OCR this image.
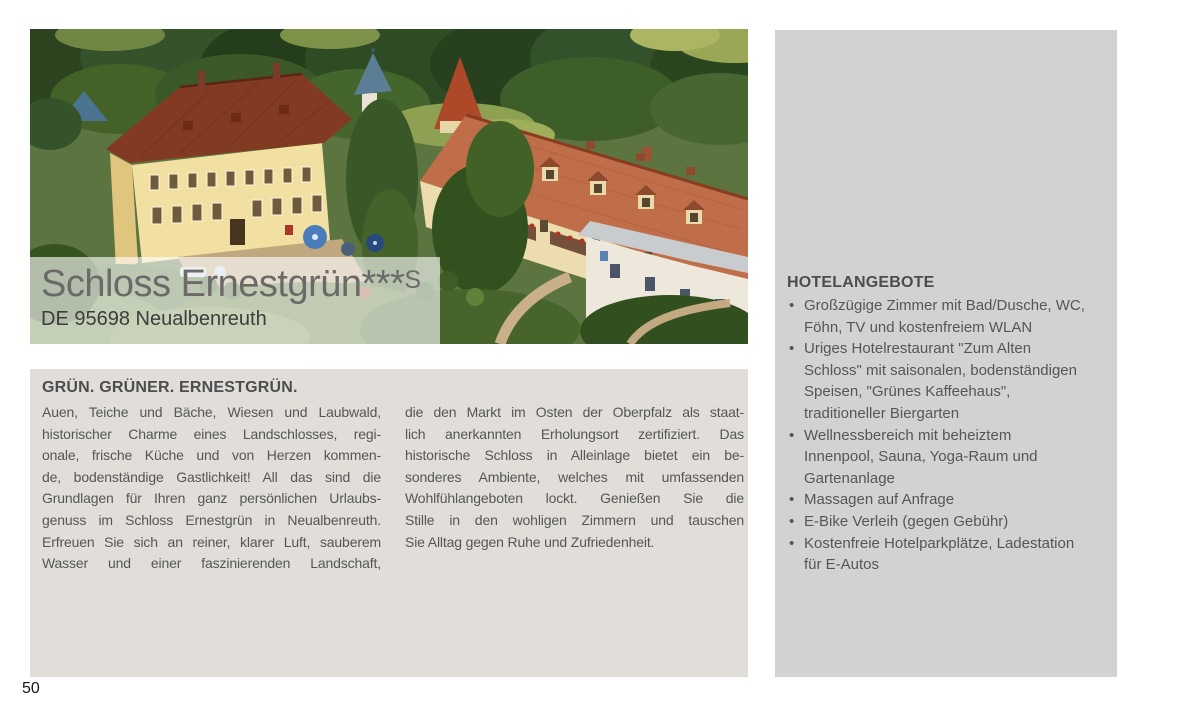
Schloss Ernestgrün***$^S$
DE 95698 Neualbenreuth
GRÜN. GRÜNER. ERNESTGRÜN.
Auen, Teiche und Bäche, Wiesen und Laubwald,
historischer Charme eines Landschlosses, regi-
onale, frische Küche und von Herzen kommen-
de, bodenständige Gastlichkeit! All das sind die
Grundlagen für Ihren ganz persönlichen Urlaubs-
genuss im Schloss Ernestgrün in Neualbenreuth.
Erfreuen Sie sich an reiner, klarer Luft, sauberem
Wasser und einer faszinierenden Landschaft,
die den Markt im Osten der Oberpfalz als staat-
lich anerkannten Erholungsort zertifiziert. Das
historische Schloss in Alleinlage bietet ein be-
sonderes Ambiente, welches mit umfassenden
Wohlfühlangeboten lockt. Genießen Sie die
Stille in den wohligen Zimmern und tauschen
Sie Alltag gegen Ruhe und Zufriedenheit.
HOTELANGEBOTE
• Großzügige Zimmer mit Bad/Dusche, WC,
Föhn, TV und kostenfreiem WLAN
• Uriges Hotelrestaurant "Zum Alten
Schloss" mit saisonalen, bodenständigen
Speisen, "Grünes Kaffeehaus",
traditioneller Biergarten
• Wellnessbereich mit beheiztem
Innenpool, Sauna, Yoga-Raum und
Gartenanlage
• Massagen auf Anfrage
• E-Bike Verleih (gegen Gebühr)
• Kostenfreie Hotelparkplätze, Ladestation
für E-Autos
50
